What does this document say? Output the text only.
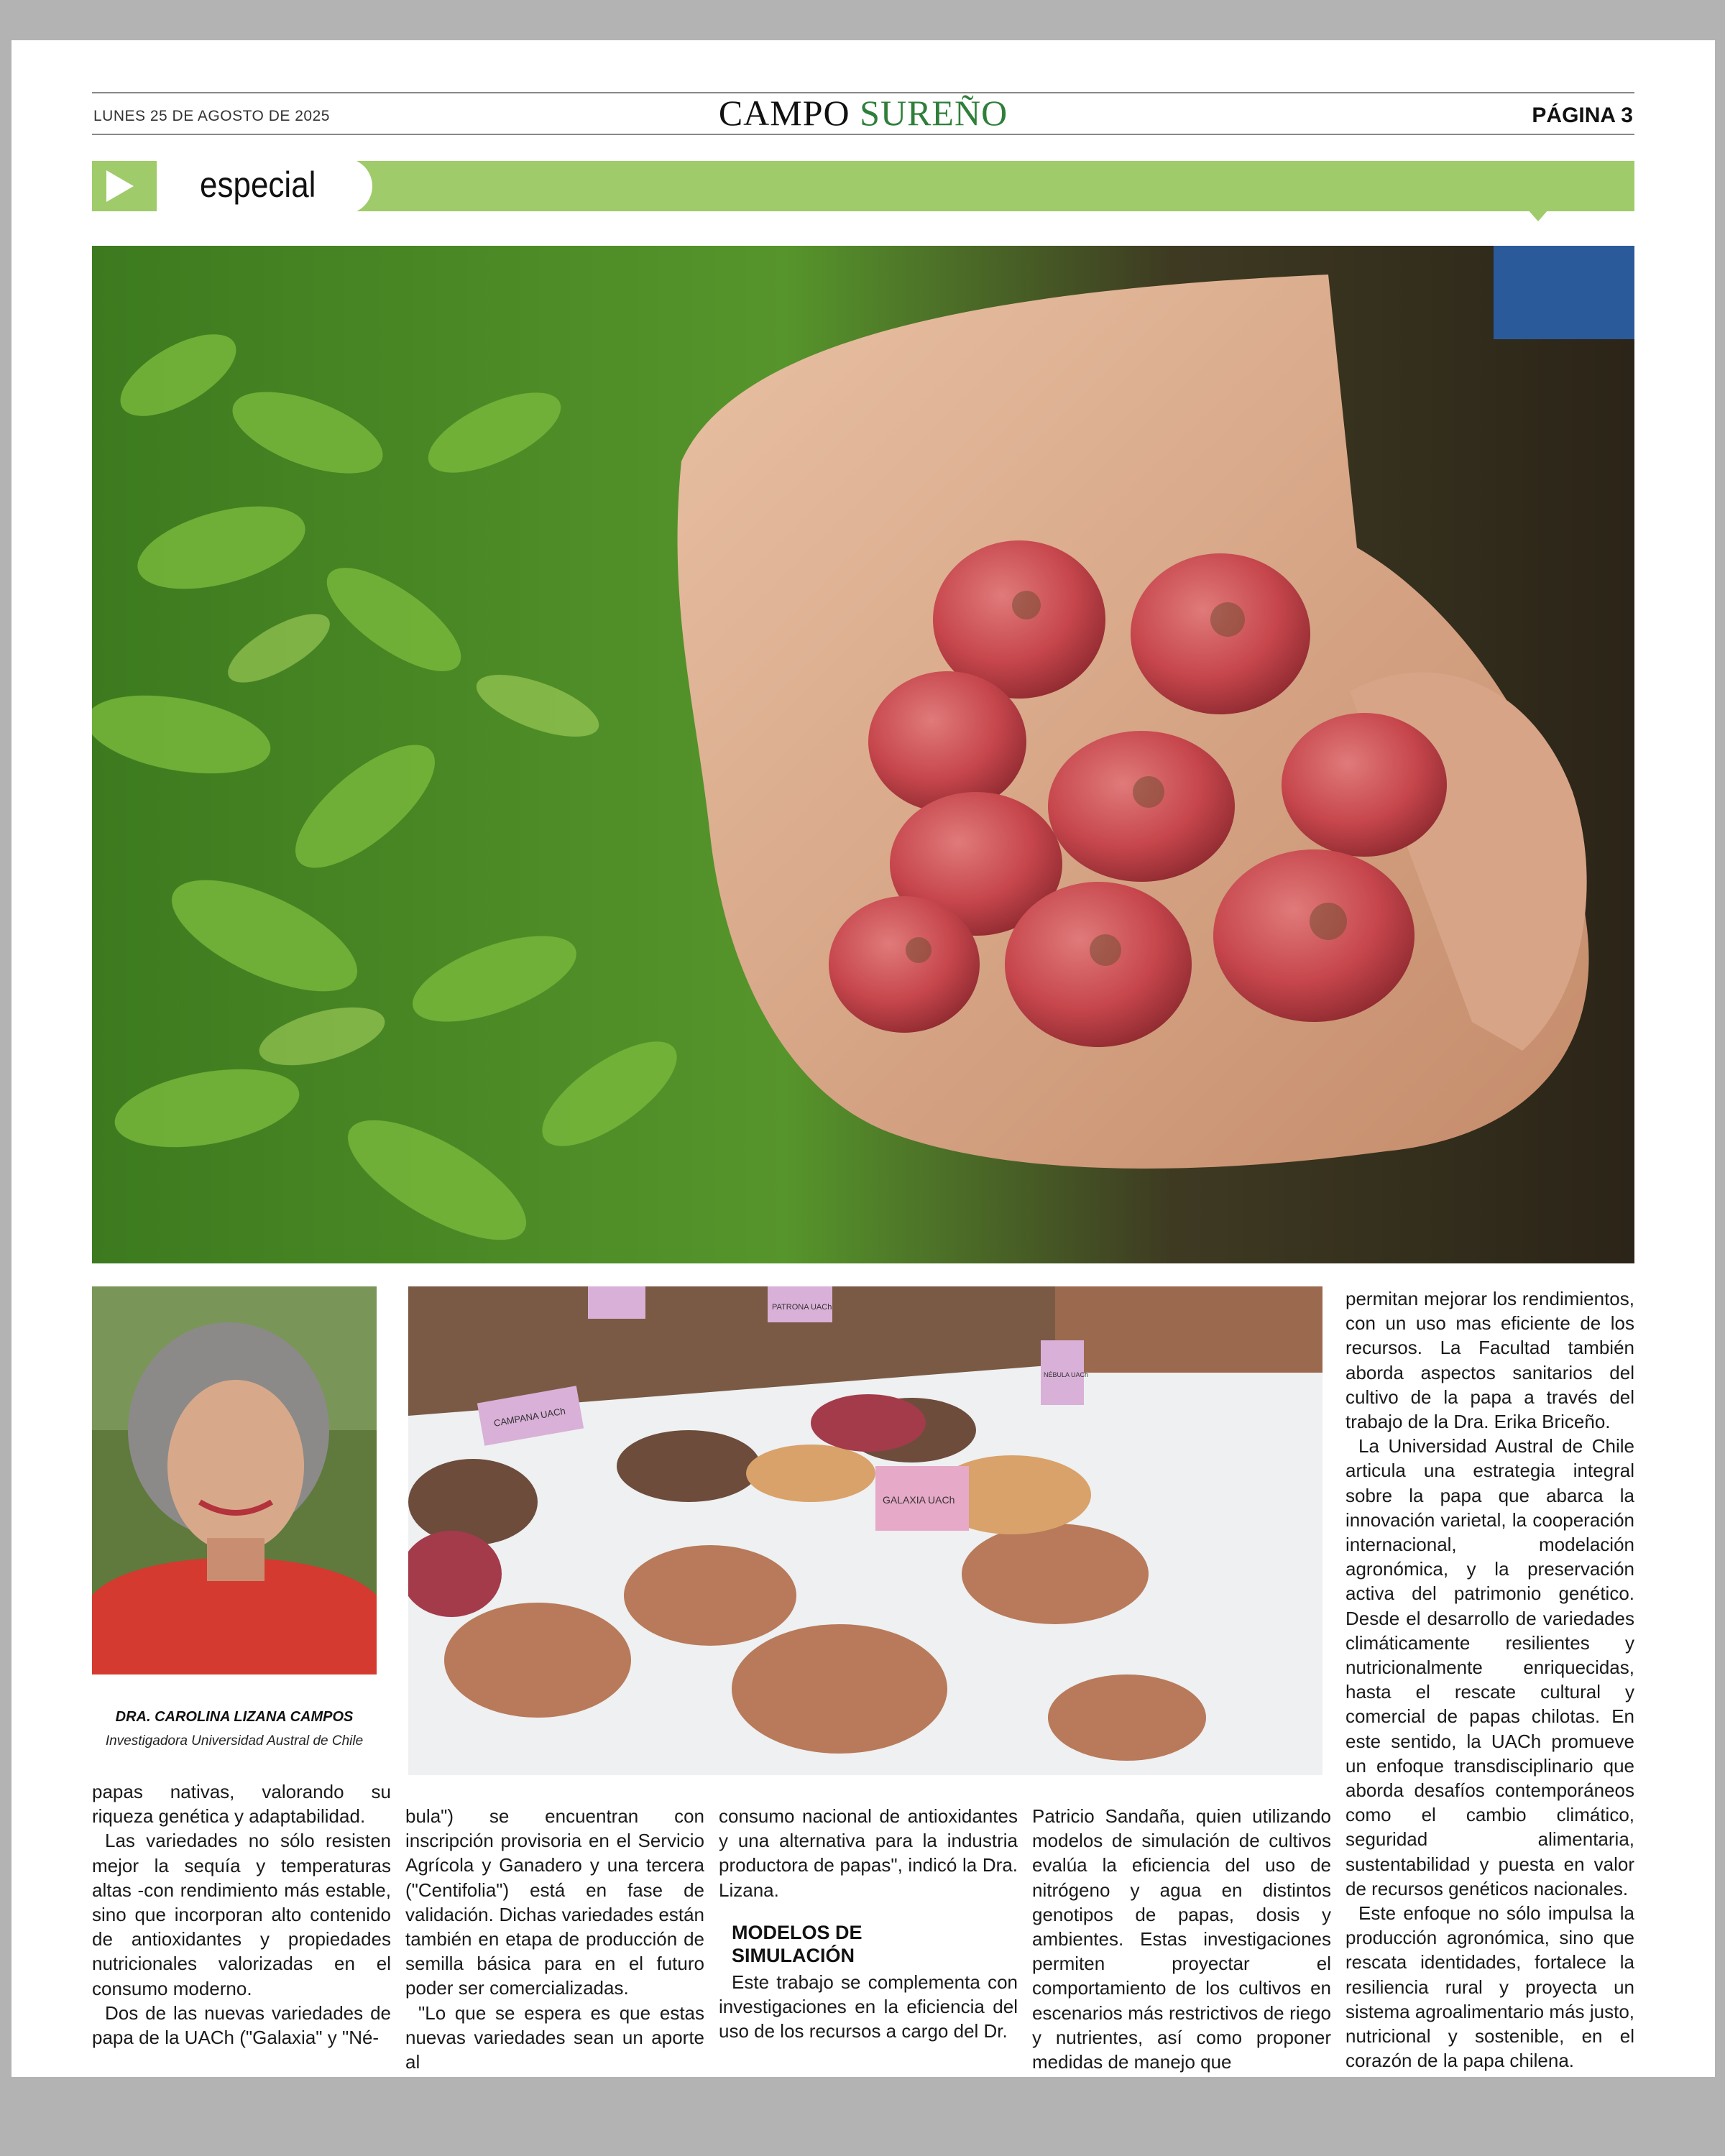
LUNES 25 DE AGOSTO DE 2025	CAMPO SUREÑO	PÁGINA 3
especial
DRA. CAROLINA LIZANA CAMPOS
Investigadora Universidad Austral de Chile
CAMPANA UACh
PATRONA UACh
GALAXIA UACh
NÉBULA UACh

papas nativas, valorando su riqueza genética y adaptabilidad.

Las variedades no sólo resisten mejor la sequía y temperaturas altas -con rendimiento más estable, sino que incorporan alto contenido de antioxidantes y propiedades nutricionales valorizadas en el consumo moderno.

Dos de las nuevas variedades de papa de la UACh ("Galaxia" y "Né-

bula") se encuentran con inscripción provisoria en el Servicio Agrícola y Ganadero y una tercera ("Centifolia") está en fase de validación. Dichas variedades están también en etapa de producción de semilla básica para en el futuro poder ser comercializadas.

"Lo que se espera es que estas nuevas variedades sean un aporte al

consumo nacional de antioxidantes y una alternativa para la industria productora de papas", indicó la Dra. Lizana.

MODELOS DE
SIMULACIÓN

Este trabajo se complementa con investigaciones en la eficiencia del uso de los recursos a cargo del Dr.

Patricio Sandaña, quien utilizando modelos de simulación de cultivos evalúa la eficiencia del uso de nitrógeno y agua en distintos genotipos de papas, dosis y ambientes. Estas investigaciones permiten proyectar el comportamiento de los cultivos en escenarios más restrictivos de riego y nutrientes, así como proponer medidas de manejo que

permitan mejorar los rendimientos, con un uso mas eficiente de los recursos. La Facultad también aborda aspectos sanitarios del cultivo de la papa a través del trabajo de la Dra. Erika Briceño.

La Universidad Austral de Chile articula una estrategia integral sobre la papa que abarca la innovación varietal, la cooperación internacional, modelación agronómica, y la preservación activa del patrimonio genético. Desde el desarrollo de variedades climáticamente resilientes y nutricionalmente enriquecidas, hasta el rescate cultural y comercial de papas chilotas. En este sentido, la UACh promueve un enfoque transdisciplinario que aborda desafíos contemporáneos como el cambio climático, seguridad alimentaria, sustentabilidad y puesta en valor de recursos genéticos nacionales.

Este enfoque no sólo impulsa la producción agronómica, sino que rescata identidades, fortalece la resiliencia rural y proyecta un sistema agroalimentario más justo, nutricional y sostenible, en el corazón de la papa chilena.
